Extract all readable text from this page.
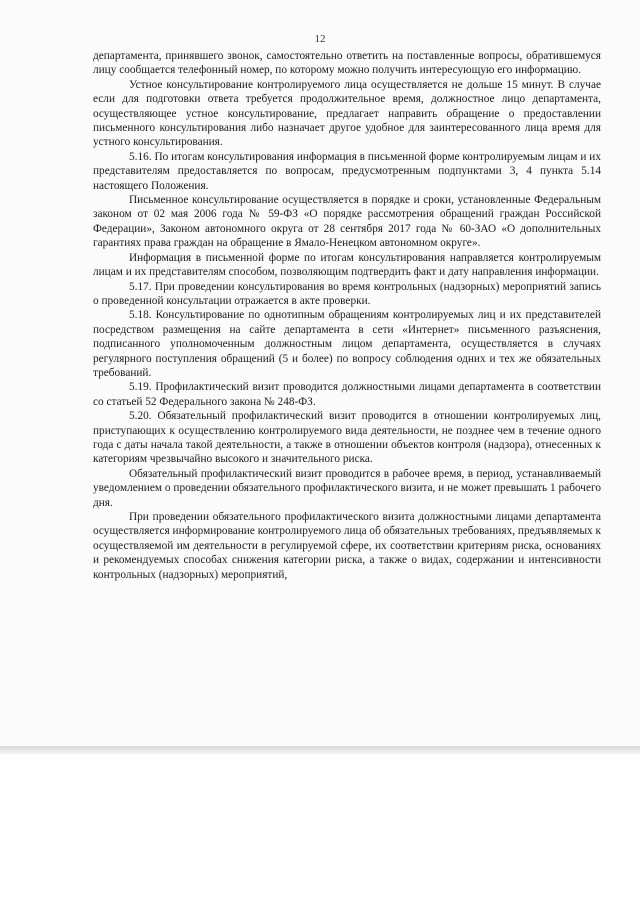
12

департамента, принявшего звонок, самостоятельно ответить на поставленные вопросы, обратившемуся лицу сообщается телефонный номер, по которому можно получить интересующую его информацию.

Устное консультирование контролируемого лица осуществляется не дольше 15 минут. В случае если для подготовки ответа требуется продолжительное время, должностное лицо департамента, осуществляющее устное консультирование, предлагает направить обращение о предоставлении письменного консультирования либо назначает другое удобное для заинтересованного лица время для устного консультирования.

5.16. По итогам консультирования информация в письменной форме контролируемым лицам и их представителям предоставляется по вопросам, предусмотренным подпунктами 3, 4 пункта 5.14 настоящего Положения.

Письменное консультирование осуществляется в порядке и сроки, установленные Федеральным законом от 02 мая 2006 года № 59-ФЗ «О порядке рассмотрения обращений граждан Российской Федерации», Законом автономного округа от 28 сентября 2017 года № 60-ЗАО «О дополнительных гарантиях права граждан на обращение в Ямало-Ненецком автономном округе».

Информация в письменной форме по итогам консультирования направляется контролируемым лицам и их представителям способом, позволяющим подтвердить факт и дату направления информации.

5.17. При проведении консультирования во время контрольных (надзорных) мероприятий запись о проведенной консультации отражается в акте проверки.

5.18. Консультирование по однотипным обращениям контролируемых лиц и их представителей посредством размещения на сайте департамента в сети «Интернет» письменного разъяснения, подписанного уполномоченным должностным лицом департамента, осуществляется в случаях регулярного поступления обращений (5 и более) по вопросу соблюдения одних и тех же обязательных требований.

5.19. Профилактический визит проводится должностными лицами департамента в соответствии со статьей 52 Федерального закона № 248-ФЗ.

5.20. Обязательный профилактический визит проводится в отношении контролируемых лиц, приступающих к осуществлению контролируемого вида деятельности, не позднее чем в течение одного года с даты начала такой деятельности, а также в отношении объектов контроля (надзора), отнесенных к категориям чрезвычайно высокого и значительного риска.

Обязательный профилактический визит проводится в рабочее время, в период, устанавливаемый уведомлением о проведении обязательного профилактического визита, и не может превышать 1 рабочего дня.

При проведении обязательного профилактического визита должностными лицами департамента осуществляется информирование контролируемого лица об обязательных требованиях, предъявляемых к осуществляемой им деятельности в регулируемой сфере, их соответствии критериям риска, основаниях и рекомендуемых способах снижения категории риска, а также о видах, содержании и интенсивности контрольных (надзорных) мероприятий,
